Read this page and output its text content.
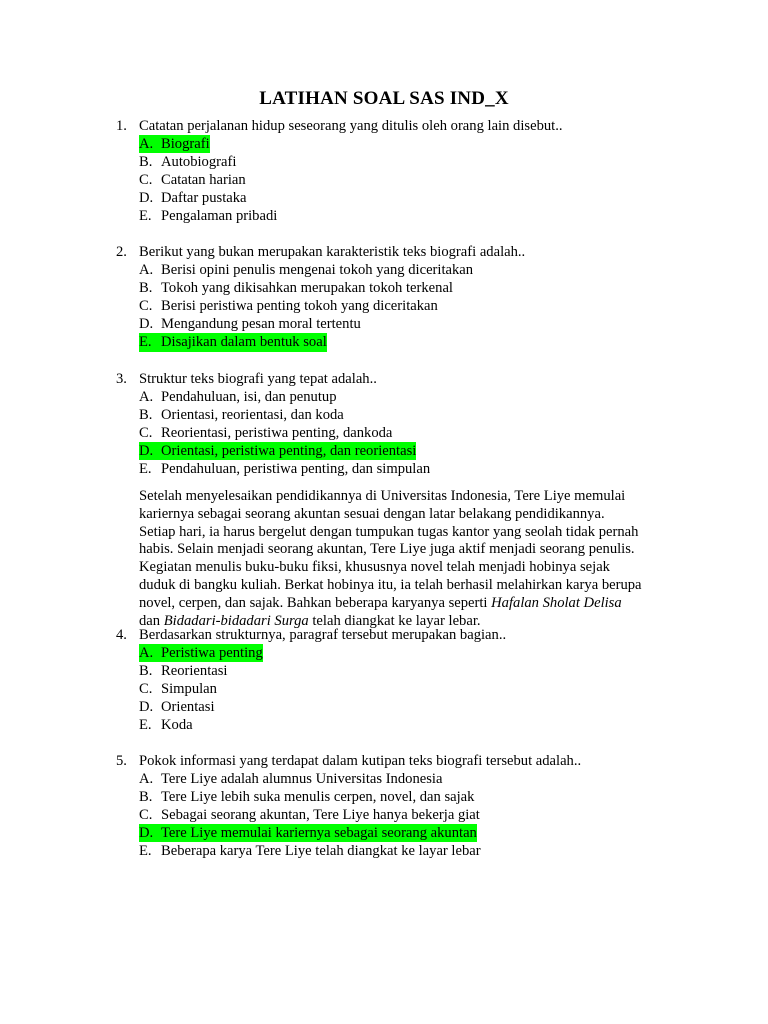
LATIHAN SOAL SAS IND_X
1. Catatan perjalanan hidup seseorang yang ditulis oleh orang lain disebut..
A. Biografi
B. Autobiografi
C. Catatan harian
D. Daftar pustaka
E. Pengalaman pribadi
2. Berikut yang bukan merupakan karakteristik teks biografi adalah..
A. Berisi opini penulis mengenai tokoh yang diceritakan
B. Tokoh yang dikisahkan merupakan tokoh terkenal
C. Berisi peristiwa penting tokoh yang diceritakan
D. Mengandung pesan moral tertentu
E. Disajikan dalam bentuk soal
3. Struktur teks biografi yang tepat adalah..
A. Pendahuluan, isi, dan penutup
B. Orientasi, reorientasi, dan koda
C. Reorientasi, peristiwa penting, dankoda
D. Orientasi, peristiwa penting, dan reorientasi
E. Pendahuluan, peristiwa penting, dan simpulan
4. Berdasarkan strukturnya, paragraf tersebut merupakan bagian..
A. Peristiwa penting
B. Reorientasi
C. Simpulan
D. Orientasi
E. Koda
5. Pokok informasi yang terdapat dalam kutipan teks biografi tersebut adalah..
A. Tere Liye adalah alumnus Universitas Indonesia
B. Tere Liye lebih suka menulis cerpen, novel, dan sajak
C. Sebagai seorang akuntan, Tere Liye hanya bekerja giat
D. Tere Liye memulai kariernya sebagai seorang akuntan
E. Beberapa karya Tere Liye telah diangkat ke layar lebar
Setelah menyelesaikan pendidikannya di Universitas Indonesia, Tere Liye memulai
kariernya sebagai seorang akuntan sesuai dengan latar belakang pendidikannya.
Setiap hari, ia harus bergelut dengan tumpukan tugas kantor yang seolah tidak pernah
habis. Selain menjadi seorang akuntan, Tere Liye juga aktif menjadi seorang penulis.
Kegiatan menulis buku-buku fiksi, khususnya novel telah menjadi hobinya sejak
duduk di bangku kuliah. Berkat hobinya itu, ia telah berhasil melahirkan karya berupa
novel, cerpen, dan sajak. Bahkan beberapa karyanya seperti Hafalan Sholat Delisa
dan Bidadari-bidadari Surga telah diangkat ke layar lebar.
